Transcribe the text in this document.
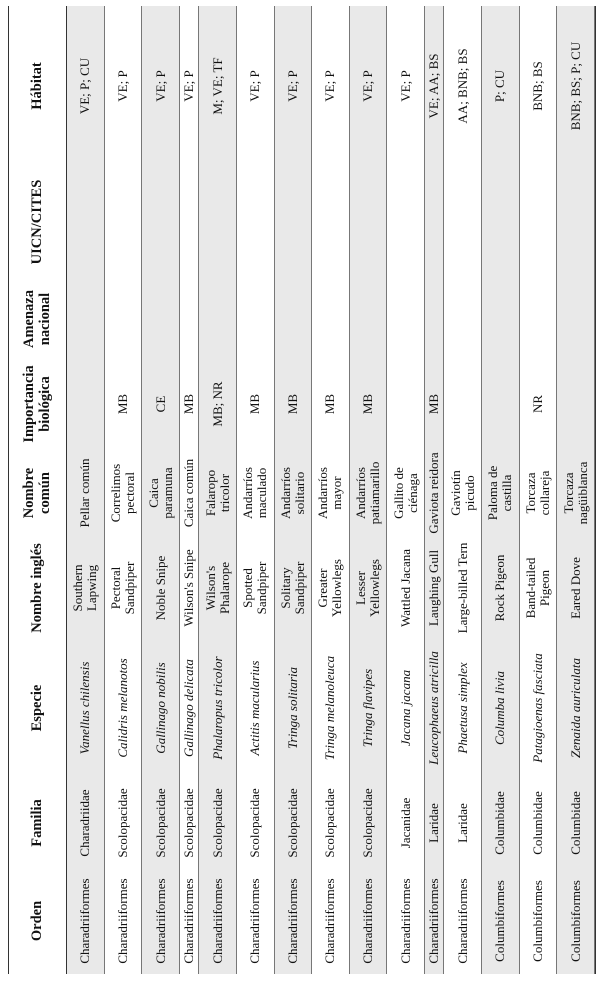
Orden	Familia	Especie	Nombre inglés	Nombre común	Importancia biológica	Amenaza nacional	UICN/CITES	Hábitat
Charadriiformes	Charadriidae	Vanellus chilensis	Southern Lapwing	Pellar común				VE; P; CU
Charadriiformes	Scolopacidae	Calidris melanotos	Pectoral Sandpiper	Correlimos pectoral	MB			VE; P
Charadriiformes	Scolopacidae	Gallinago nobilis	Noble Snipe	Caica paramuna	CE			VE; P
Charadriiformes	Scolopacidae	Gallinago delicata	Wilson's Snipe	Caica común	MB			VE; P
Charadriiformes	Scolopacidae	Phalaropus tricolor	Wilson's Phalarope	Falaropo tricolor	MB; NR			M; VE; TF
Charadriiformes	Scolopacidae	Actitis macularius	Spotted Sandpiper	Andarríos maculado	MB			VE; P
Charadriiformes	Scolopacidae	Tringa solitaria	Solitary Sandpiper	Andarríos solitario	MB			VE; P
Charadriiformes	Scolopacidae	Tringa melanoleuca	Greater Yellowlegs	Andarríos mayor	MB			VE; P
Charadriiformes	Scolopacidae	Tringa flavipes	Lesser Yellowlegs	Andarríos patiamarillo	MB			VE; P
Charadriiformes	Jacanidae	Jacana jacana	Wattled Jacana	Gallito de ciénaga				VE; P
Charadriiformes	Laridae	Leucophaeus atricilla	Laughing Gull	Gaviota reidora	MB			VE; AA; BS
Charadriiformes	Laridae	Phaetusa simplex	Large-billed Tern	Gaviotín picudo				AA; BNB; BS
Columbiformes	Columbidae	Columba livia	Rock Pigeon	Paloma de castilla				P; CU
Columbiformes	Columbidae	Patagioenas fasciata	Band-tailed Pigeon	Torcaza collareja	NR			BNB; BS
Columbiformes	Columbidae	Zenaida auriculata	Eared Dove	Torcaza nagüiblanca				BNB; BS; P; CU
